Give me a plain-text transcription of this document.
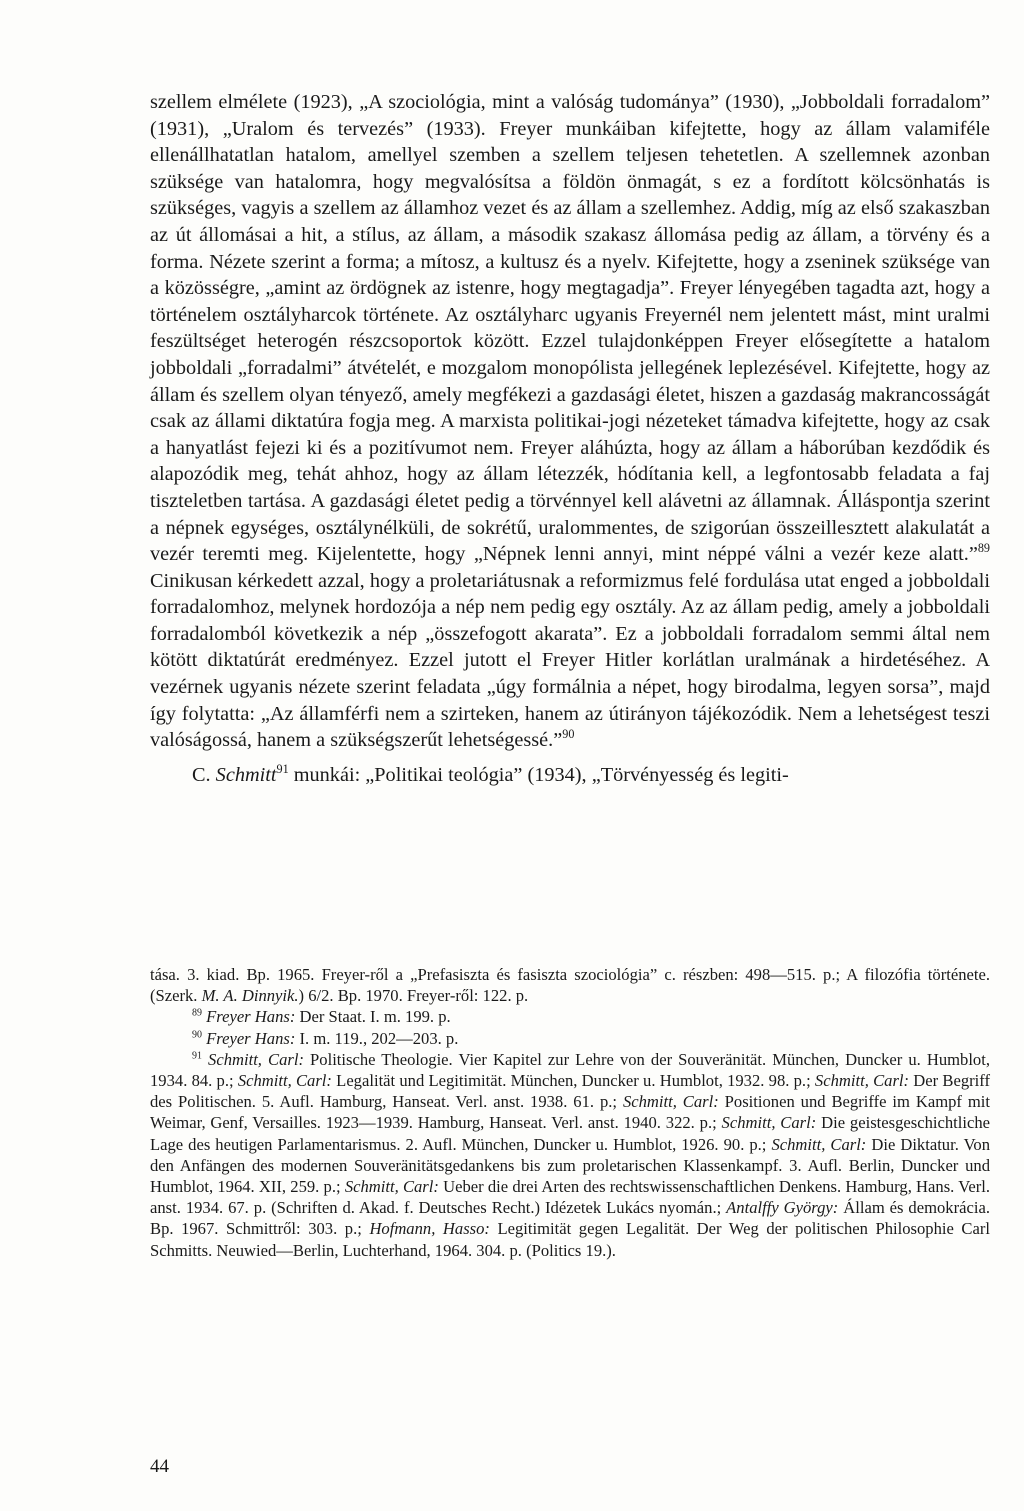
szellem elmélete (1923), „A szociológia, mint a valóság tudománya” (1930), „Jobboldali forradalom” (1931), „Uralom és tervezés” (1933). Freyer munkáiban kifejtette, hogy az állam valamiféle ellenállhatatlan hatalom, amellyel szemben a szellem teljesen tehetetlen. A szellemnek azonban szüksége van hatalomra, hogy megvalósítsa a földön önmagát, s ez a fordított kölcsönhatás is szükséges, vagyis a szellem az államhoz vezet és az állam a szellemhez. Addig, míg az első szakaszban az út állomásai a hit, a stílus, az állam, a második szakasz állomása pedig az állam, a törvény és a forma. Nézete szerint a forma; a mítosz, a kultusz és a nyelv. Kifejtette, hogy a zseninek szüksége van a közösségre, „amint az ördögnek az istenre, hogy megtagadja”. Freyer lényegében tagadta azt, hogy a történelem osztályharcok története. Az osztályharc ugyanis Freyernél nem jelentett mást, mint uralmi feszültséget heterogén részcsoportok között. Ezzel tulajdonképpen Freyer elősegítette a hatalom jobboldali „forradalmi” átvételét, e mozgalom monopólista jellegének leplezésével. Kifejtette, hogy az állam és szellem olyan tényező, amely megfékezi a gazdasági életet, hiszen a gazdaság makrancosságát csak az állami diktatúra fogja meg. A marxista politikai-jogi nézeteket támadva kifejtette, hogy az csak a hanyatlást fejezi ki és a pozitívumot nem. Freyer aláhúzta, hogy az állam a háborúban kezdődik és alapozódik meg, tehát ahhoz, hogy az állam létezzék, hódítania kell, a legfontosabb feladata a faj tiszteletben tartása. A gazdasági életet pedig a törvénnyel kell alávetni az államnak. Álláspontja szerint a népnek egységes, osztálynélküli, de sokrétű, uralommentes, de szigorúan összeillesztett alakulatát a vezér teremti meg. Kijelentette, hogy „Népnek lenni annyi, mint néppé válni a vezér keze alatt.”$^{89}$ Cinikusan kérkedett azzal, hogy a proletariátusnak a reformizmus felé fordulása utat enged a jobboldali forradalomhoz, melynek hordozója a nép nem pedig egy osztály. Az az állam pedig, amely a jobboldali forradalomból következik a nép „összefogott akarata”. Ez a jobboldali forradalom semmi által nem kötött diktatúrát eredményez. Ezzel jutott el Freyer Hitler korlátlan uralmának a hirdetéséhez. A vezérnek ugyanis nézete szerint feladata „úgy formálnia a népet, hogy birodalma, legyen sorsa”, majd így folytatta: „Az államférfi nem a szirteken, hanem az útirányon tájékozódik. Nem a lehetségest teszi valóságossá, hanem a szükségszerűt lehetségessé.”$^{90}$

C. Schmitt$^{91}$ munkái: „Politikai teológia” (1934), „Törvényesség és legiti-

tása. 3. kiad. Bp. 1965. Freyer-ről a „Prefasiszta és fasiszta szociológia” c. részben: 498—515. p.; A filozófia története. (Szerk. M. A. Dinnyik.) 6/2. Bp. 1970. Freyer-ről: 122. p.

$^{89}$ Freyer Hans: Der Staat. I. m. 199. p.

$^{90}$ Freyer Hans: I. m. 119., 202—203. p.

$^{91}$ Schmitt, Carl: Politische Theologie. Vier Kapitel zur Lehre von der Souveränität. München, Duncker u. Humblot, 1934. 84. p.; Schmitt, Carl: Legalität und Legitimität. München, Duncker u. Humblot, 1932. 98. p.; Schmitt, Carl: Der Begriff des Politischen. 5. Aufl. Hamburg, Hanseat. Verl. anst. 1938. 61. p.; Schmitt, Carl: Positionen und Begriffe im Kampf mit Weimar, Genf, Versailles. 1923—1939. Hamburg, Hanseat. Verl. anst. 1940. 322. p.; Schmitt, Carl: Die geistesgeschichtliche Lage des heutigen Parlamentarismus. 2. Aufl. München, Duncker u. Humblot, 1926. 90. p.; Schmitt, Carl: Die Diktatur. Von den Anfängen des modernen Souveränitätsgedankens bis zum proletarischen Klassenkampf. 3. Aufl. Berlin, Duncker und Humblot, 1964. XII, 259. p.; Schmitt, Carl: Ueber die drei Arten des rechtswissenschaftlichen Denkens. Hamburg, Hans. Verl. anst. 1934. 67. p. (Schriften d. Akad. f. Deutsches Recht.) Idézetek Lukács nyomán.; Antalffy György: Állam és demokrácia. Bp. 1967. Schmittről: 303. p.; Hofmann, Hasso: Legitimität gegen Legalität. Der Weg der politischen Philosophie Carl Schmitts. Neuwied—Berlin, Luchterhand, 1964. 304. p. (Politics 19.).

44
